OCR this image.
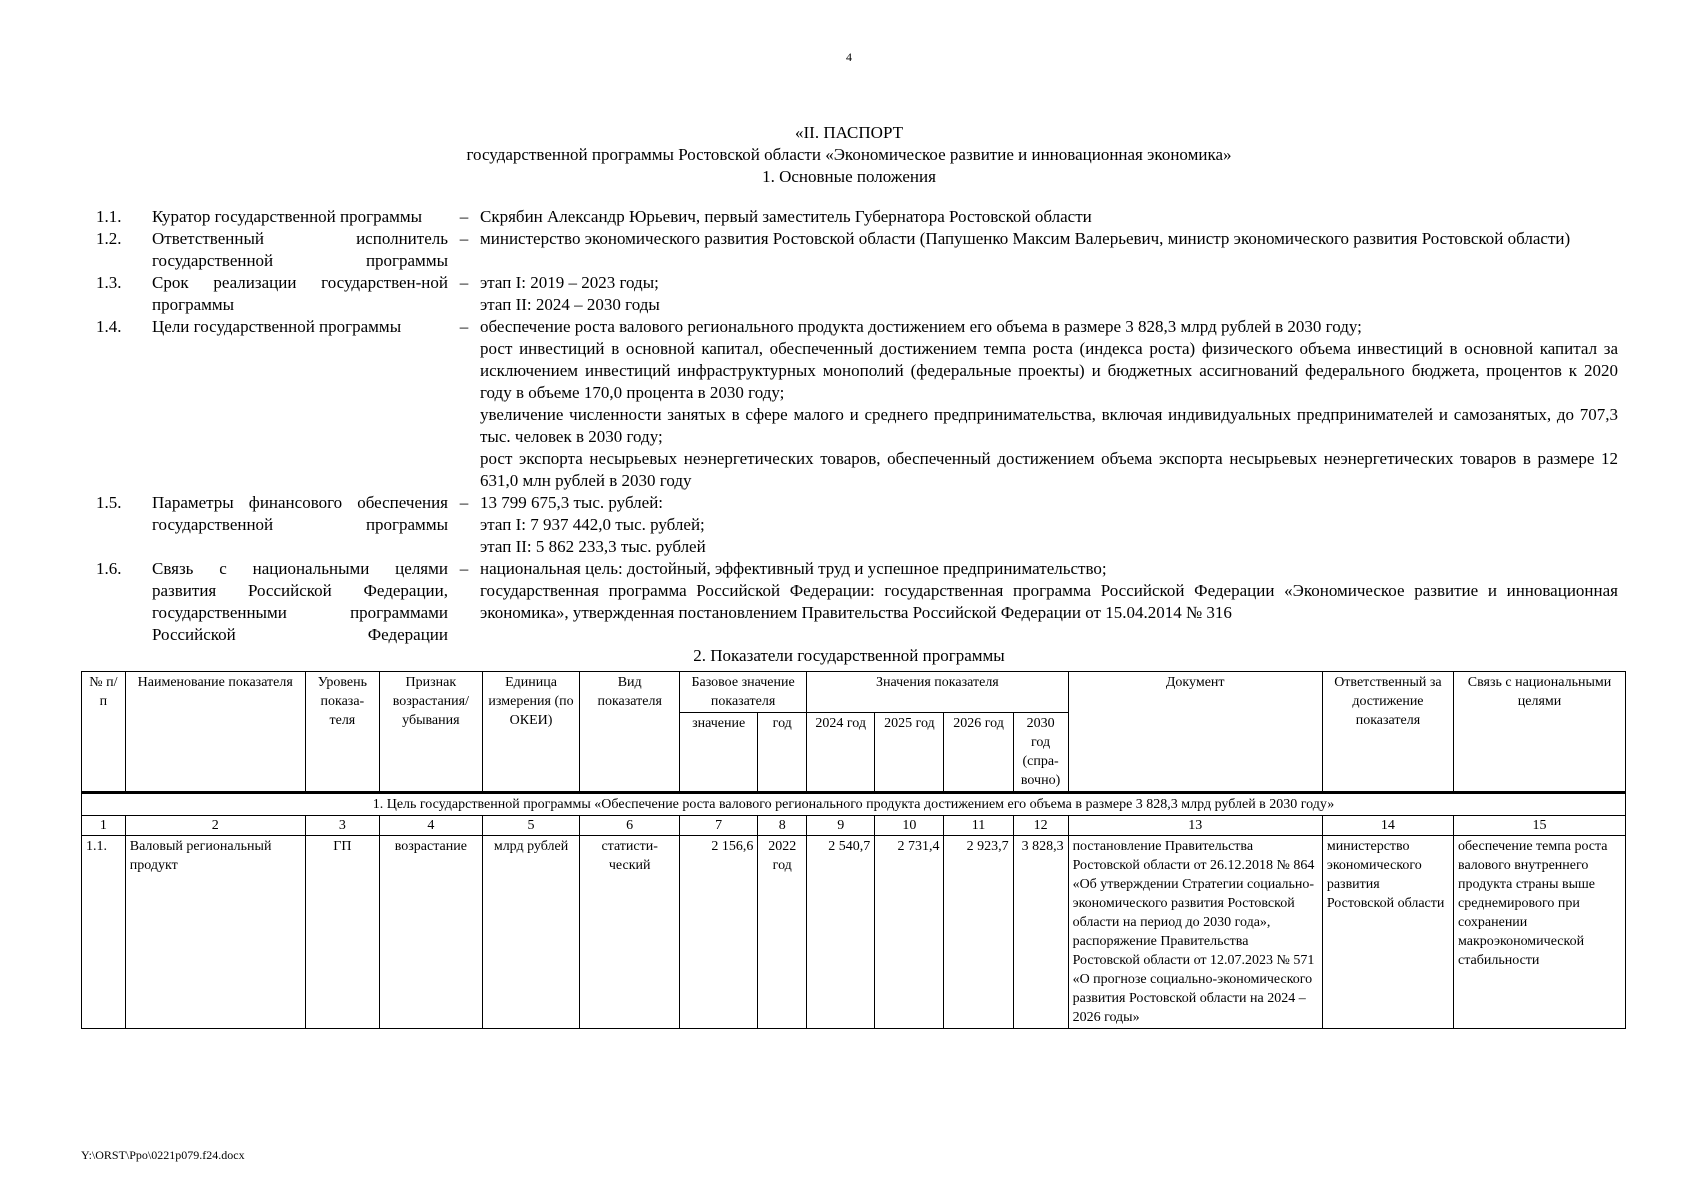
4
«II. ПАСПОРТ
государственной программы Ростовской области «Экономическое развитие и инновационная экономика»
1. Основные положения
1.1.	Куратор государственной программы	– Скрябин Александр Юрьевич, первый заместитель Губернатора Ростовской области

1.2.	Ответственный исполнитель государственной программы
– министерство экономического развития Ростовской области (Папушенко Максим Валерьевич, министр экономического развития Ростовской области)

1.3.	Срок реализации государствен-ной программы
– этап I: 2019 – 2023 годы;

этап II: 2024 – 2030 годы

1.4.	Цели государственной программы	– обеспечение роста валового регионального продукта достижением его объема в размере 3 828,3 млрд рублей в 2030 году;

рост инвестиций в основной капитал, обеспеченный достижением темпа роста (индекса роста) физического объема инвестиций в основной капитал за исключением инвестиций инфраструктурных монополий (федеральные проекты) и бюджетных ассигнований федерального бюджета, процентов к 2020 году в объеме 170,0 процента в 2030 году;

увеличение численности занятых в сфере малого и среднего предпринимательства, включая индивидуальных предпринимателей и самозанятых, до 707,3 тыс. человек в 2030 году;

рост экспорта несырьевых неэнергетических товаров, обеспеченный достижением объема экспорта несырьевых неэнергетических товаров в размере 12 631,0 млн рублей в 2030 году

1.5.	Параметры финансового обеспечения государственной программы
– 13 799 675,3 тыс. рублей:

этап I: 7 937 442,0 тыс. рублей;

этап II: 5 862 233,3 тыс. рублей

1.6.	Связь с национальными целями развития Российской Федерации, государственными программами Российской Федерации
– национальная цель: достойный, эффективный труд и успешное предпринимательство;

государственная программа Российской Федерации: государственная программа Российской Федерации «Экономическое развитие и инновационная экономика», утвержденная постановлением Правительства Российской Федерации от 15.04.2014 № 316

2. Показатели государственной программы
№ п/п	Наименование показателя	Уровень показа-теля	Признак возрастания/ убывания	Единица измерения (по ОКЕИ)	Вид показателя	Базовое значение показателя		Значения показателя				Документ	Ответственный за достижение показателя	Связь с национальными целями
						значение	год	2024 год	2025 год	2026 год	2030 год (спра-вочно)			
1. Цель государственной программы «Обеспечение роста валового регионального продукта достижением его объема в размере 3 828,3 млрд рублей в 2030 году»														
1	2	3	4	5	6	7	8	9	10	11	12	13	14	15
1.1.	Валовый региональный продукт	ГП	возрастание	млрд рублей	статисти-ческий	2 156,6	2022 год	2 540,7	2 731,4	2 923,7	3 828,3	постановление Правительства Ростовской области от 26.12.2018 № 864 «Об утверждении Стратегии социально-экономического развития Ростовской области на период до 2030 года», распоряжение Правительства Ростовской области от 12.07.2023 № 571 «О прогнозе социально-экономического развития Ростовской области на 2024 – 2026 годы»	министерство экономического развития Ростовской области	обеспечение темпа роста валового внутреннего продукта страны выше среднемирового при сохранении макроэкономической стабильности
Y:\ORST\Ppo\0221p079.f24.docx
